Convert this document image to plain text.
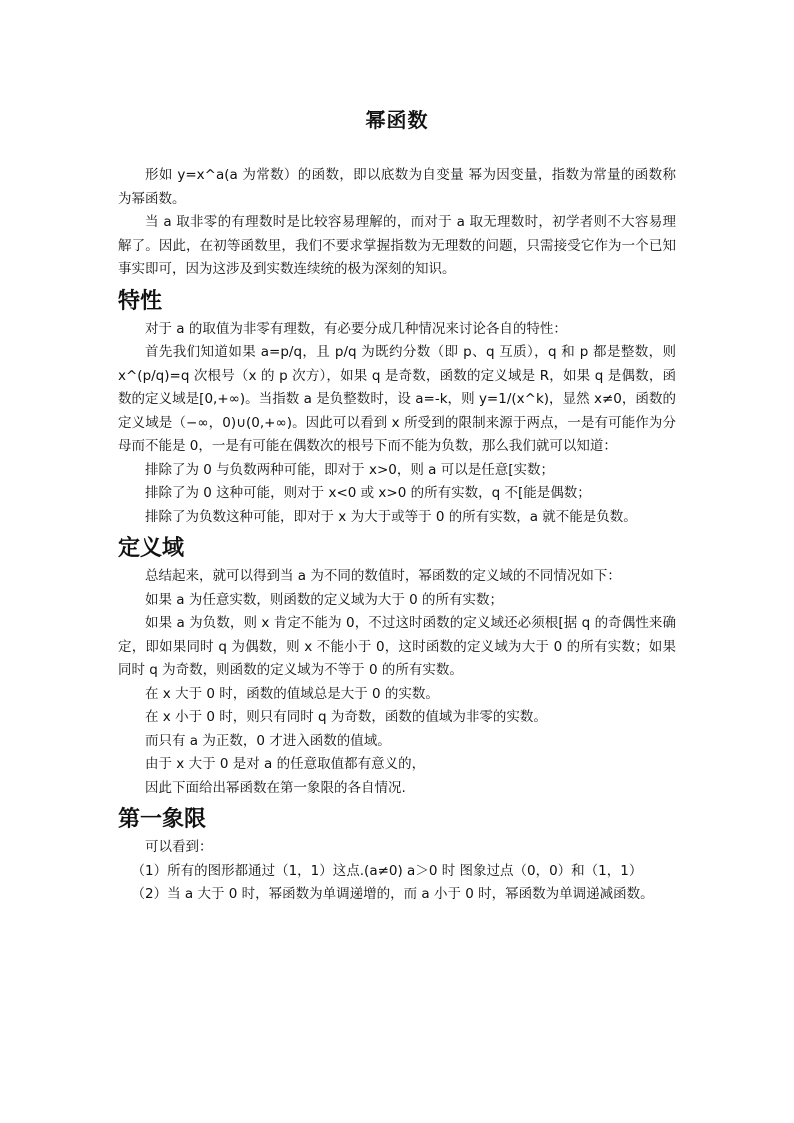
幂函数

形如 y=x^a(a 为常数）的函数，即以底数为自变量 幂为因变量，指数为常量的函数称为幂函数。

当 a 取非零的有理数时是比较容易理解的，而对于 a 取无理数时，初学者则不大容易理解了。因此，在初等函数里，我们不要求掌握指数为无理数的问题，只需接受它作为一个已知事实即可，因为这涉及到实数连续统的极为深刻的知识。

特性

对于 a 的取值为非零有理数，有必要分成几种情况来讨论各自的特性：

首先我们知道如果 a=p/q，且 p/q 为既约分数（即 p、q 互质），q 和 p 都是整数，则 x^(p/q)=q 次根号（x 的 p 次方），如果 q 是奇数，函数的定义域是 R，如果 q 是偶数，函数的定义域是[0,+∞)。当指数 a 是负整数时，设 a=-k，则 y=1/(x^k)，显然 x≠0，函数的定义域是（−∞，0)∪(0,+∞)。因此可以看到 x 所受到的限制来源于两点，一是有可能作为分母而不能是 0，一是有可能在偶数次的根号下而不能为负数，那么我们就可以知道：

排除了为 0 与负数两种可能，即对于 x>0，则 a 可以是任意[实数；

排除了为 0 这种可能，则对于 x<0 或 x>0 的所有实数，q 不[能是偶数；

排除了为负数这种可能，即对于 x 为大于或等于 0 的所有实数，a 就不能是负数。

定义域

总结起来，就可以得到当 a 为不同的数值时，幂函数的定义域的不同情况如下：

如果 a 为任意实数，则函数的定义域为大于 0 的所有实数；

如果 a 为负数，则 x 肯定不能为 0，不过这时函数的定义域还必须根[据 q 的奇偶性来确定，即如果同时 q 为偶数，则 x 不能小于 0，这时函数的定义域为大于 0 的所有实数；如果同时 q 为奇数，则函数的定义域为不等于 0 的所有实数。

在 x 大于 0 时，函数的值域总是大于 0 的实数。

在 x 小于 0 时，则只有同时 q 为奇数，函数的值域为非零的实数。

而只有 a 为正数，0 才进入函数的值域。

由于 x 大于 0 是对 a 的任意取值都有意义的，

因此下面给出幂函数在第一象限的各自情况.

第一象限

可以看到：

（1）所有的图形都通过（1，1）这点.(a≠0) a＞0 时 图象过点（0，0）和（1，1）

（2）当 a 大于 0 时，幂函数为单调递增的，而 a 小于 0 时，幂函数为单调递减函数。
